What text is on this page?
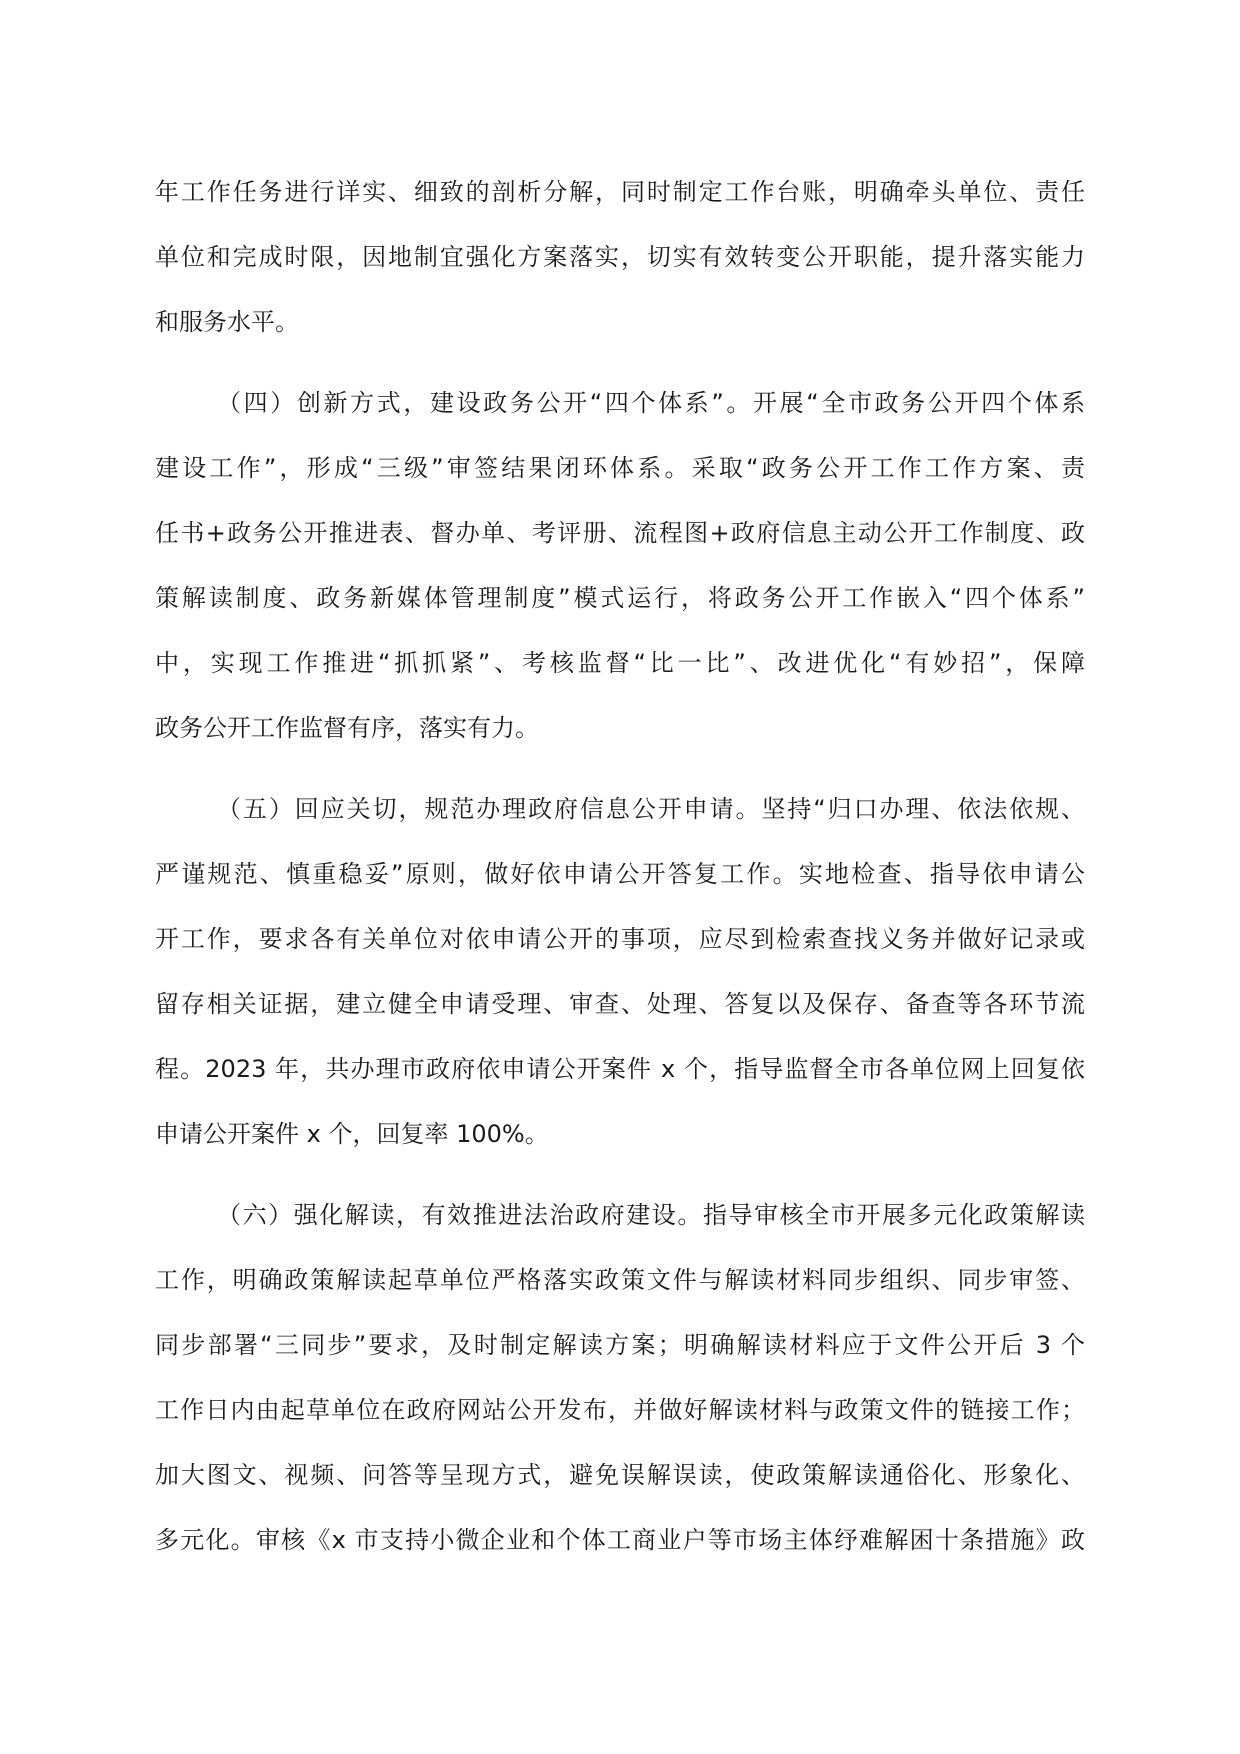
年工作任务进行详实、细致的剖析分解，同时制定工作台账，明确牵头单位、责任
单位和完成时限，因地制宜强化方案落实，切实有效转变公开职能，提升落实能力
和服务水平。
（四）创新方式，建设政务公开“四个体系”。开展“全市政务公开四个体系
建设工作”，形成“三级”审签结果闭环体系。采取“政务公开工作工作方案、责
任书+政务公开推进表、督办单、考评册、流程图+政府信息主动公开工作制度、政
策解读制度、政务新媒体管理制度”模式运行，将政务公开工作嵌入“四个体系”
中，实现工作推进“抓抓紧”、考核监督“比一比”、改进优化“有妙招”，保障
政务公开工作监督有序，落实有力。
（五）回应关切，规范办理政府信息公开申请。坚持“归口办理、依法依规、
严谨规范、慎重稳妥”原则，做好依申请公开答复工作。实地检查、指导依申请公
开工作，要求各有关单位对依申请公开的事项，应尽到检索查找义务并做好记录或
留存相关证据，建立健全申请受理、审查、处理、答复以及保存、备查等各环节流
程。2023 年，共办理市政府依申请公开案件 x 个，指导监督全市各单位网上回复依
申请公开案件 x 个，回复率 100%。
（六）强化解读，有效推进法治政府建设。指导审核全市开展多元化政策解读
工作，明确政策解读起草单位严格落实政策文件与解读材料同步组织、同步审签、
同步部署“三同步”要求，及时制定解读方案；明确解读材料应于文件公开后 3 个
工作日内由起草单位在政府网站公开发布，并做好解读材料与政策文件的链接工作；
加大图文、视频、问答等呈现方式，避免误解误读，使政策解读通俗化、形象化、
多元化。审核《x 市支持小微企业和个体工商业户等市场主体纾难解困十条措施》政
